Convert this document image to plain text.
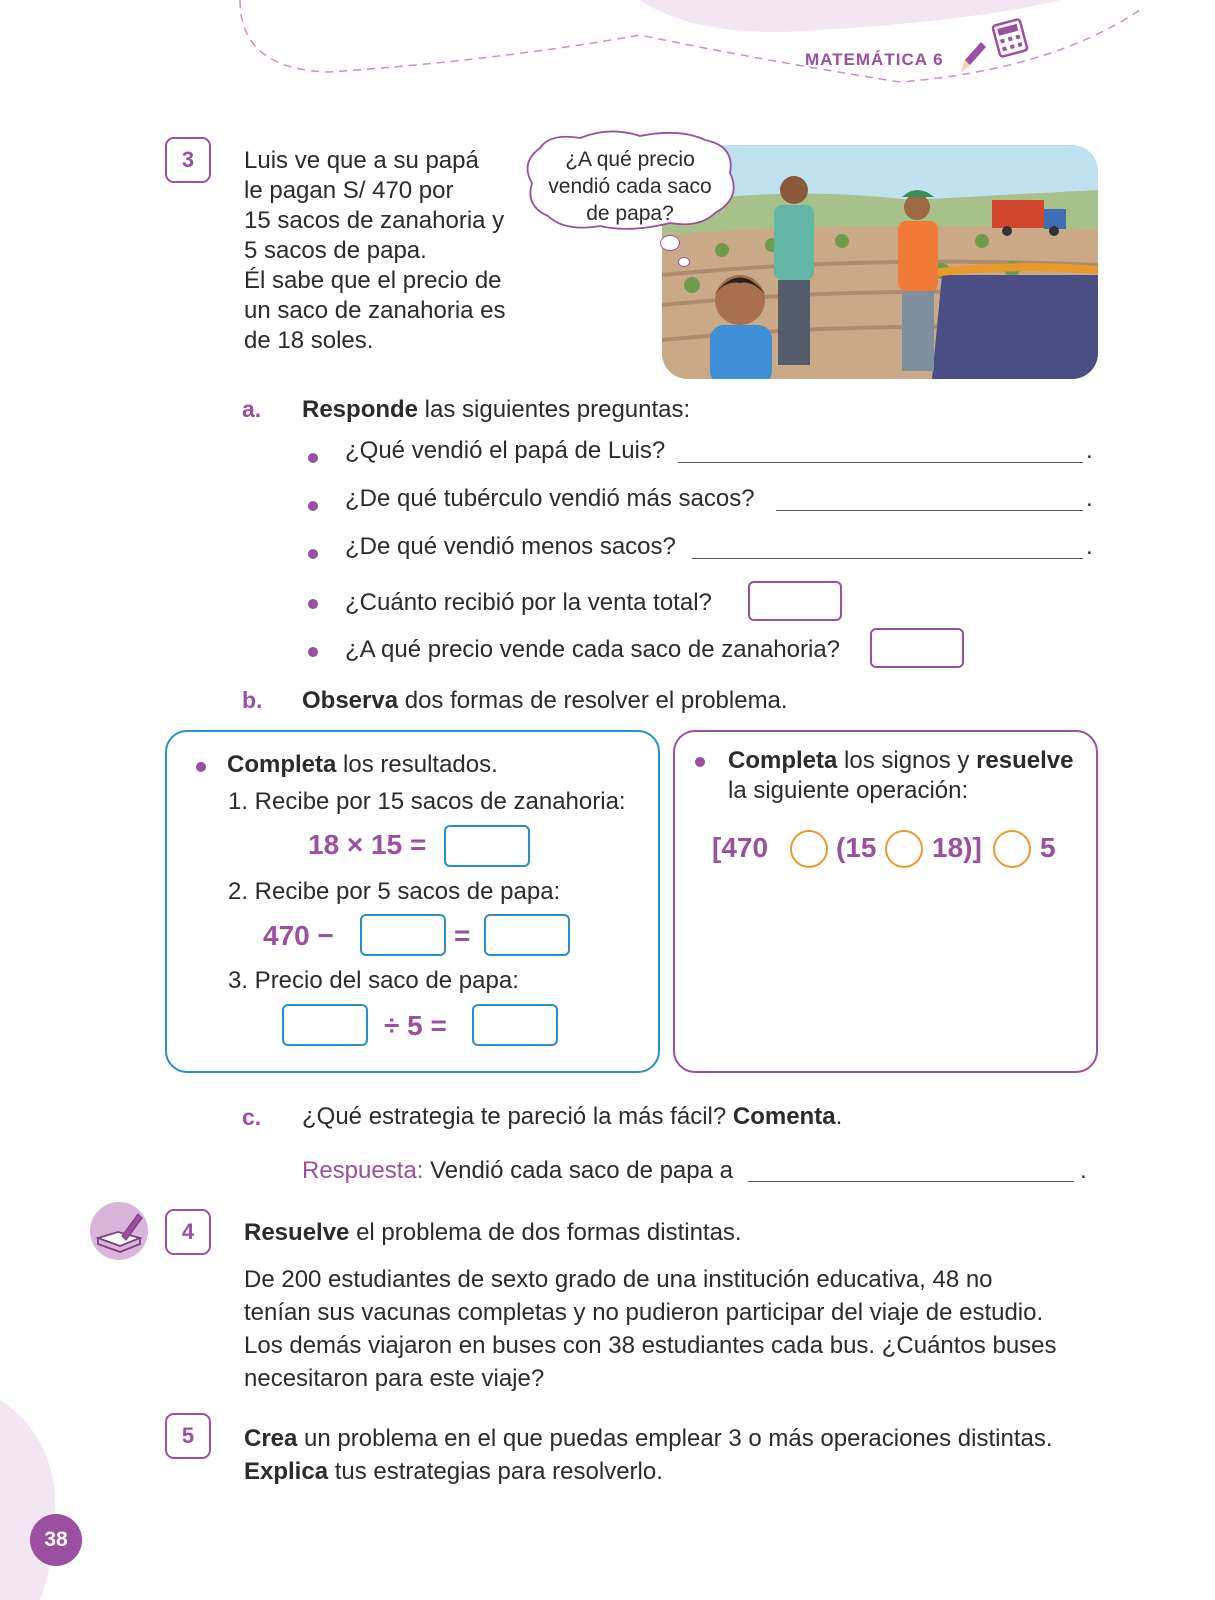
MATEMÁTICA 6
3	Luis ve que a su papá
le pagan S/ 470 por
15 sacos de zanahoria y
5 sacos de papa.
Él sabe que el precio de
un saco de zanahoria es
de 18 soles.
¿A qué precio
vendió cada saco
de papa?
a. Responde las siguientes preguntas:
¿Qué vendió el papá de Luis?	.
¿De qué tubérculo vendió más sacos?	.
¿De qué vendió menos sacos?	.
¿Cuánto recibió por la venta total?
¿A qué precio vende cada saco de zanahoria?
b. Observa dos formas de resolver el problema.
Completa los resultados.
1. Recibe por 15 sacos de zanahoria:
18 × 15 =
2. Recibe por 5 sacos de papa:
470 −	=
3. Precio del saco de papa:
÷ 5 =
Completa los signos y resuelve
la siguiente operación:
[470 (15 18)] 5
c. ¿Qué estrategia te pareció la más fácil? Comenta.
Respuesta: Vendió cada saco de papa a	.
4	Resuelve el problema de dos formas distintas.
De 200 estudiantes de sexto grado de una institución educativa, 48 no
tenían sus vacunas completas y no pudieron participar del viaje de estudio.
Los demás viajaron en buses con 38 estudiantes cada bus. ¿Cuántos buses
necesitaron para este viaje?
5	Crea un problema en el que puedas emplear 3 o más operaciones distintas.
Explica tus estrategias para resolverlo.
38
